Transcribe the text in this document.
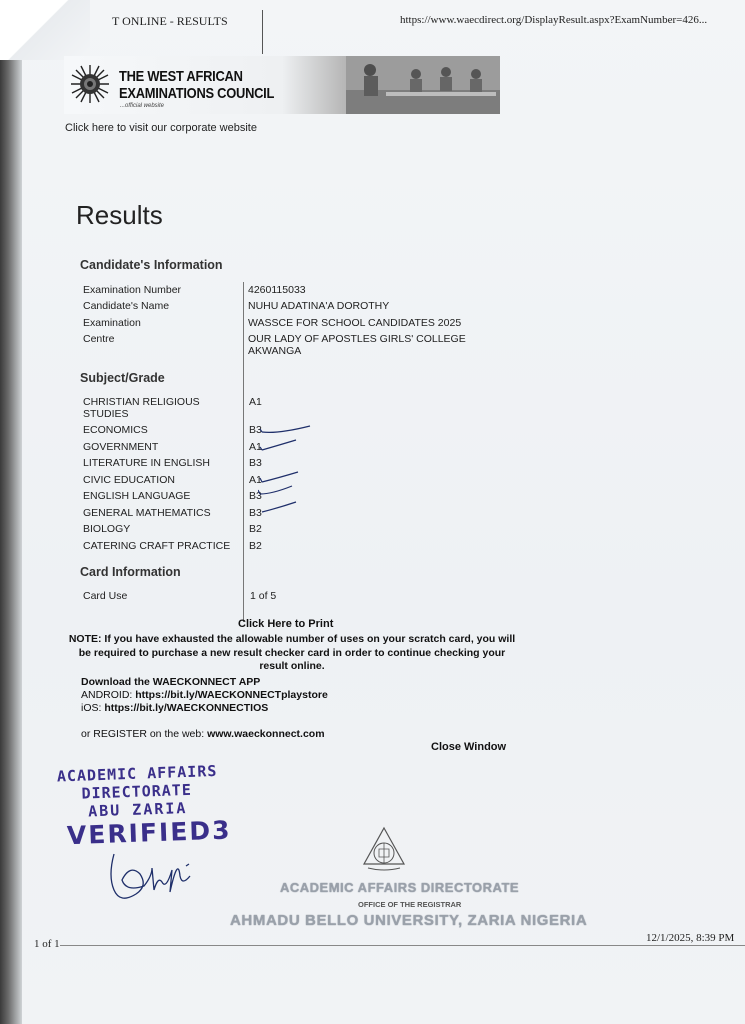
T ONLINE - RESULTS	https://www.waecdirect.org/DisplayResult.aspx?ExamNumber=426...
THE WEST AFRICAN
EXAMINATIONS COUNCIL
...official website
Click here to visit our corporate website
Results
Candidate's Information
Examination Number	4260115033
Candidate's Name	NUHU ADATINA'A DOROTHY
Examination	WASSCE FOR SCHOOL CANDIDATES 2025
Centre	OUR LADY OF APOSTLES GIRLS' COLLEGE
AKWANGA
Subject/Grade
CHRISTIAN RELIGIOUS
STUDIES
A1
ECONOMICS	B3
GOVERNMENT	A1
LITERATURE IN ENGLISH	B3
CIVIC EDUCATION	A1
ENGLISH LANGUAGE	B3
GENERAL MATHEMATICS	B3
BIOLOGY	B2
CATERING CRAFT PRACTICE B2
Card Information
Card Use	1 of 5
Click Here to Print
NOTE: If you have exhausted the allowable number of uses on your scratch card, you will be required to purchase a new result checker card in order to continue checking your result online.
Download the WAECKONNECT APP
ANDROID: https://bit.ly/WAECKONNECTplaystore
iOS: https://bit.ly/WAECKONNECTIOS
or REGISTER on the web: www.waeckonnect.com
Close Window
ACADEMIC AFFAIRS
DIRECTORATE
ABU ZARIA
VERIFIED3
ACADEMIC AFFAIRS DIRECTORATE
OFFICE OF THE REGISTRAR
AHMADU BELLO UNIVERSITY, ZARIA NIGERIA
1 of 1	12/1/2025, 8:39 PM
